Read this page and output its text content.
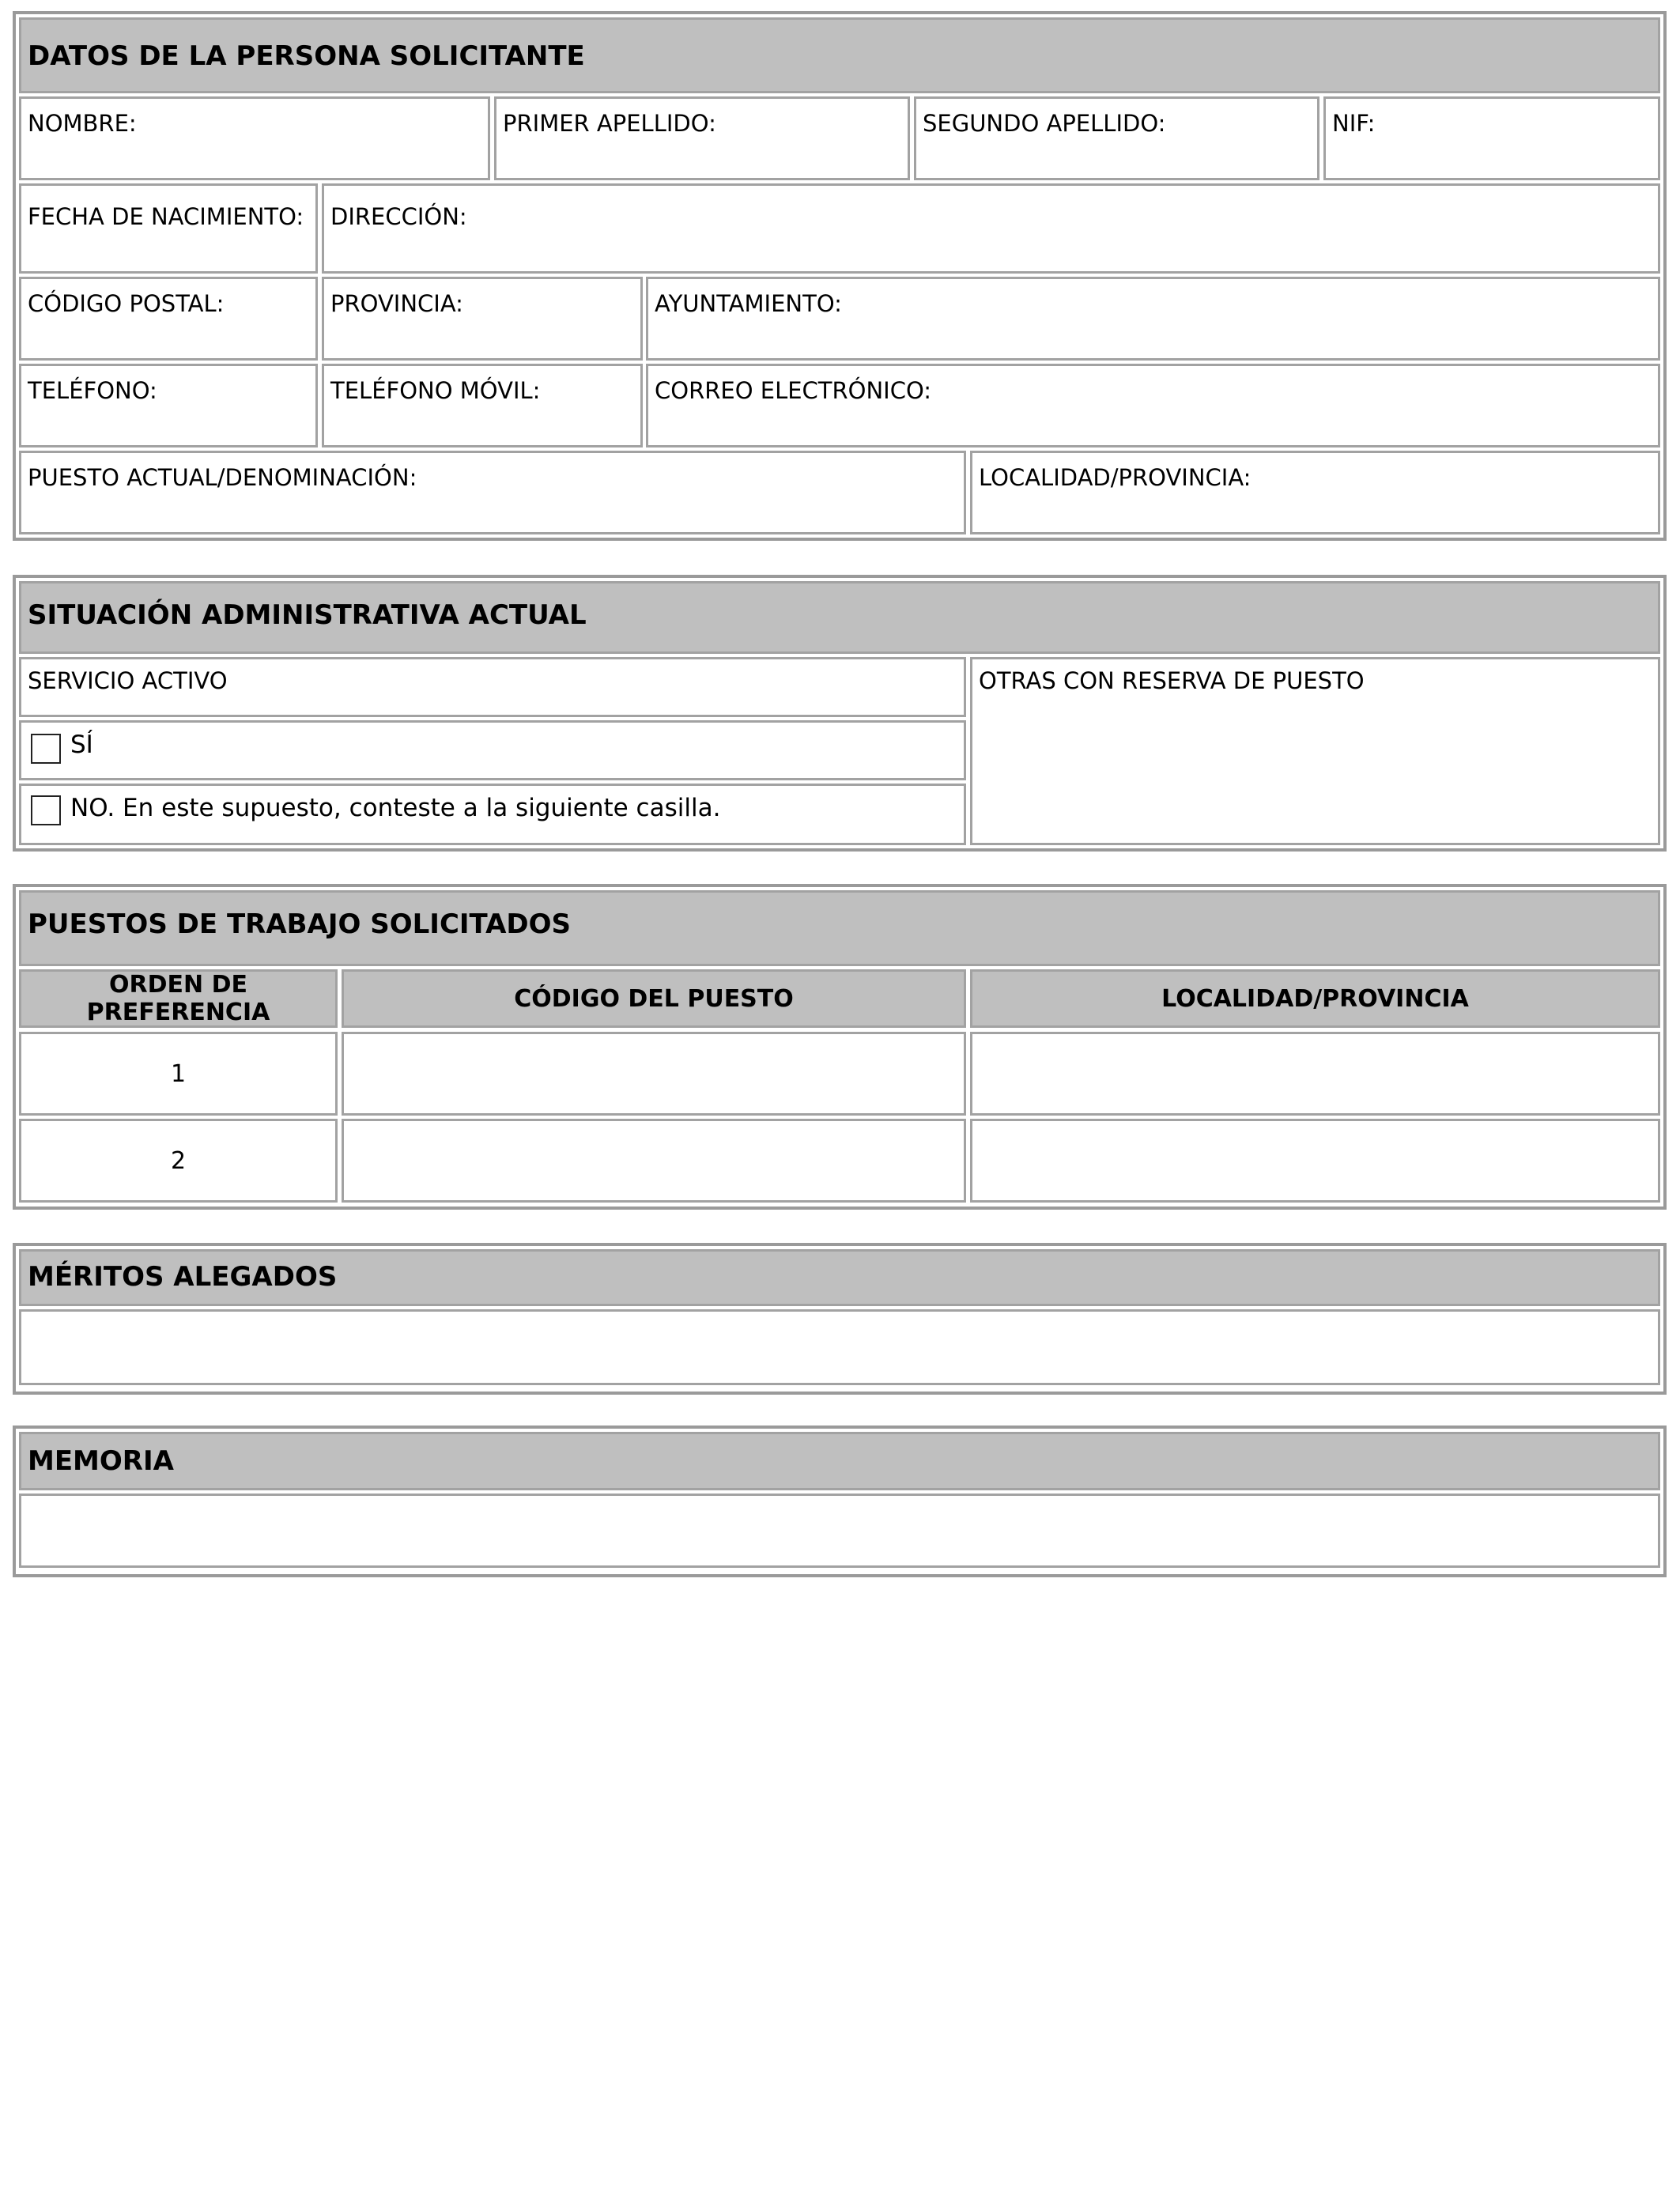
DATOS DE LA PERSONA SOLICITANTE
NOMBRE:	PRIMER APELLIDO:	SEGUNDO APELLIDO:	NIF:
FECHA DE NACIMIENTO: DIRECCIÓN:
CÓDIGO POSTAL:	PROVINCIA:	AYUNTAMIENTO:
TELÉFONO:	TELÉFONO MÓVIL:	CORREO ELECTRÓNICO:
PUESTO ACTUAL/DENOMINACIÓN:	LOCALIDAD/PROVINCIA:
SITUACIÓN ADMINISTRATIVA ACTUAL
SERVICIO ACTIVO
SÍ
NO. En este supuesto, conteste a la siguiente casilla.
OTRAS CON RESERVA DE PUESTO
PUESTOS DE TRABAJO SOLICITADOS
ORDEN DE PREFERENCIA	CÓDIGO DEL PUESTO	LOCALIDAD/PROVINCIA
1
2
MÉRITOS ALEGADOS
MEMORIA
